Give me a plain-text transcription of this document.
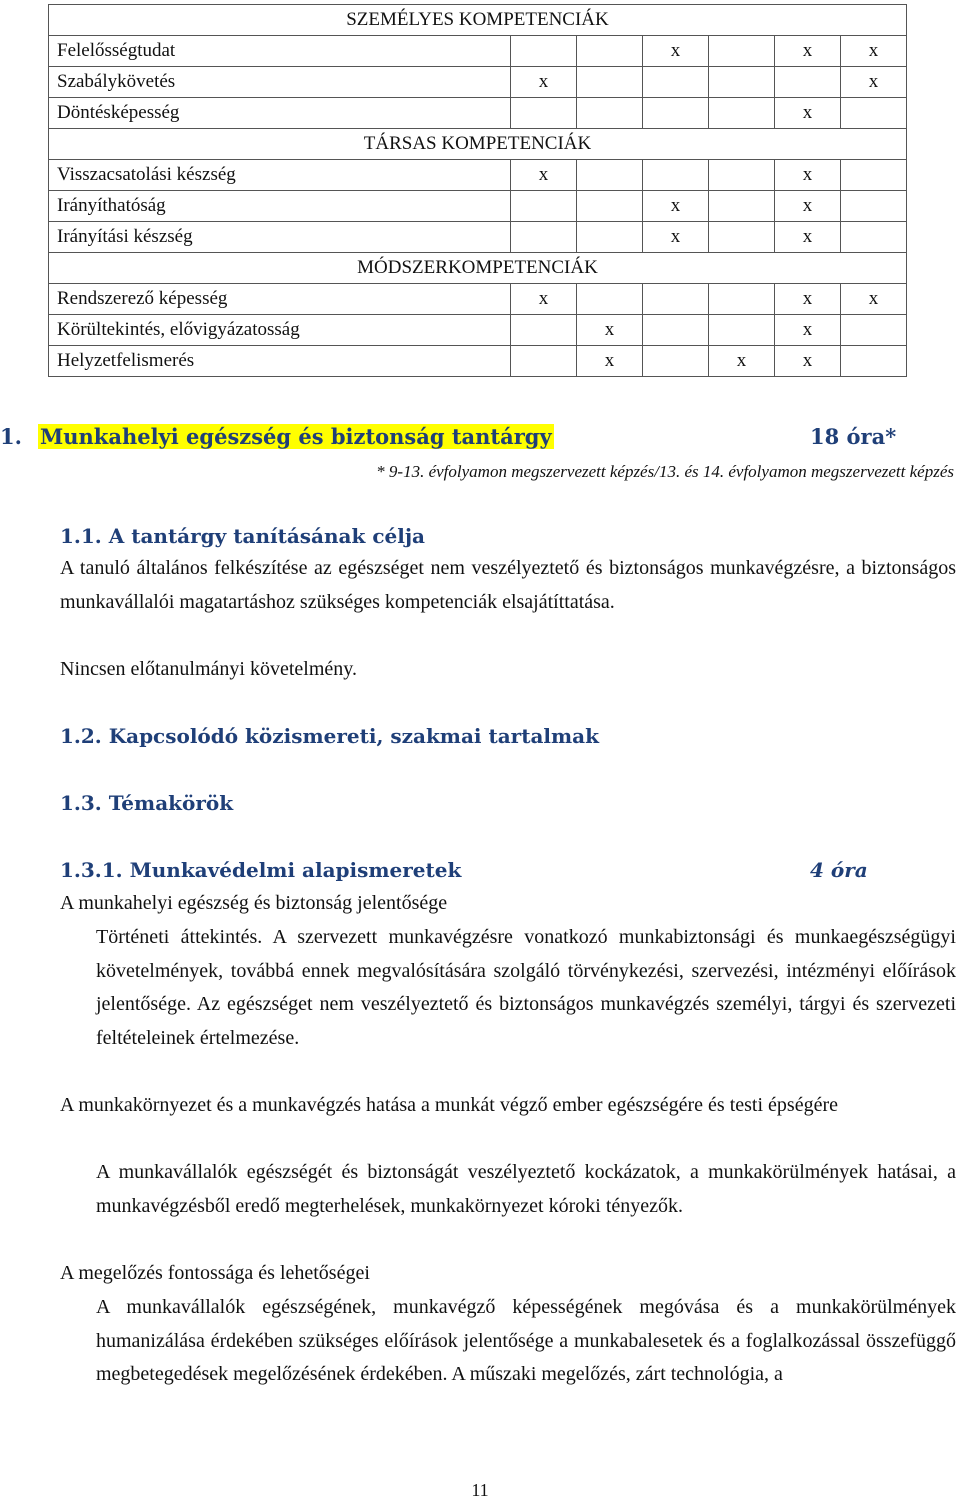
SZEMÉLYES KOMPETENCIÁK						
Felelősségtudat			x		x	x
Szabálykövetés	x					x
Döntésképesség					x	
TÁRSAS KOMPETENCIÁK						
Visszacsatolási készség	x				x	
Irányíthatóság			x		x	
Irányítási készség			x		x	
MÓDSZERKOMPETENCIÁK						
Rendszerező képesség	x				x	x
Körültekintés, elővigyázatosság		x			x	
Helyzetfelismerés		x		x	x	
1. Munkahelyi egészség és biztonság tantárgy	18 óra*
* 9-13. évfolyamon megszervezett képzés/13. és 14. évfolyamon megszervezett képzés
1.1. A tantárgy tanításának célja
A tanuló általános felkészítése az egészséget nem veszélyeztető és biztonságos munkavégzésre, a biztonságos munkavállalói magatartáshoz szükséges kompetenciák elsajátíttatása.
Nincsen előtanulmányi követelmény.
1.2. Kapcsolódó közismereti, szakmai tartalmak
1.3. Témakörök
1.3.1. Munkavédelmi alapismeretek	4 óra
A munkahelyi egészség és biztonság jelentősége
Történeti áttekintés. A szervezett munkavégzésre vonatkozó munkabiztonsági és munkaegészségügyi követelmények, továbbá ennek megvalósítására szolgáló törvénykezési, szervezési, intézményi előírások jelentősége. Az egészséget nem veszélyeztető és biztonságos munkavégzés személyi, tárgyi és szervezeti feltételeinek értelmezése.
A munkakörnyezet és a munkavégzés hatása a munkát végző ember egészségére és testi épségére
A munkavállalók egészségét és biztonságát veszélyeztető kockázatok, a munkakörülmények hatásai, a munkavégzésből eredő megterhelések, munkakörnyezet kóroki tényezők.
A megelőzés fontossága és lehetőségei
A munkavállalók egészségének, munkavégző képességének megóvása és a munkakörülmények humanizálása érdekében szükséges előírások jelentősége a munkabalesetek és a foglalkozással összefüggő megbetegedések megelőzésének érdekében. A műszaki megelőzés, zárt technológia, a
11
